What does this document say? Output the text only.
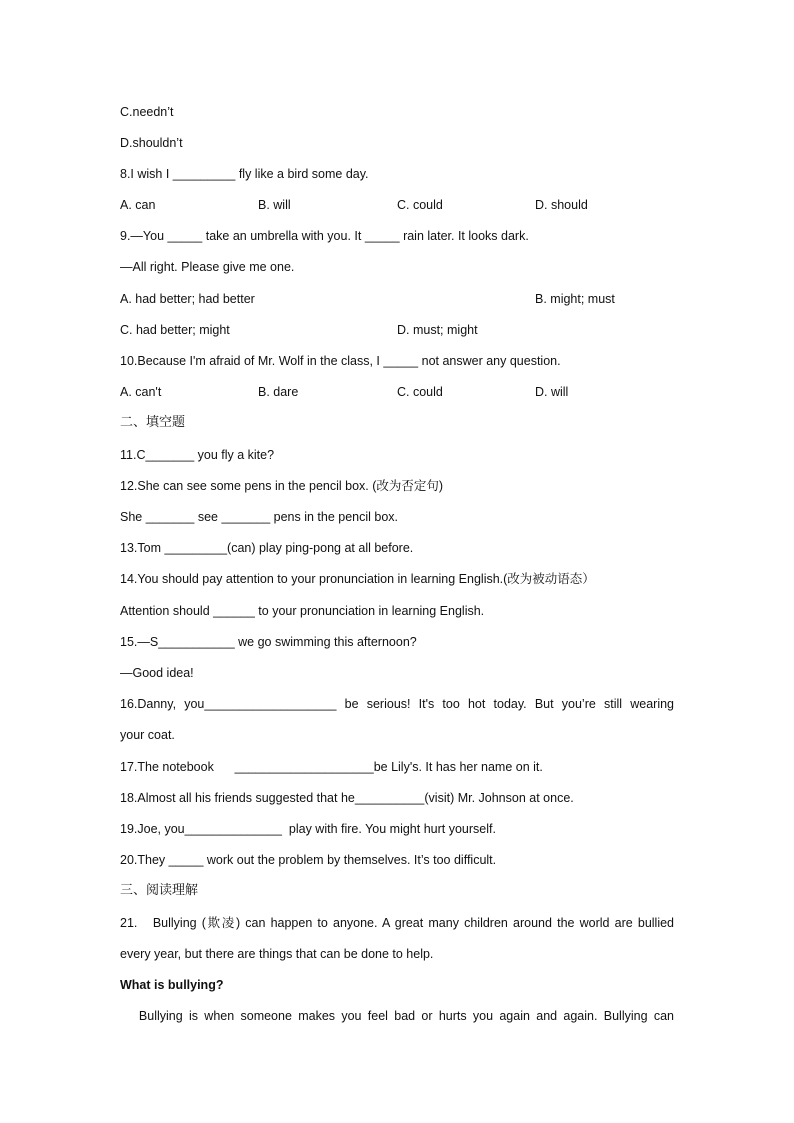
C.needn’t
D.shouldn’t
8.I wish I _________ fly like a bird some day.
A. can	B. will	C. could	D. should
9.—You _____ take an umbrella with you. It _____ rain later. It looks dark.
—All right. Please give me one.
A. had better; had better	B. might; must
C. had better; might	D. must; might
10.Because I'm afraid of Mr. Wolf in the class, I _____ not answer any question.
A. can't	B. dare	C. could	D. will
二、填空题
11.C_______ you fly a kite?
12.She can see some pens in the pencil box. (改为否定句)
She _______ see _______ pens in the pencil box.
13.Tom _________(can) play ping-pong at all before.
14.You should pay attention to your pronunciation in learning English.(改为被动语态）
Attention should ______ to your pronunciation in learning English.
15.—S___________ we go swimming this afternoon?
—Good idea!
16.Danny, you___________________ be serious! It's too hot today. But you’re still wearing
your coat.
17.The notebook      ____________________be Lily's. It has her name on it.
18.Almost all his friends suggested that he__________(visit) Mr. Johnson at once.
19.Joe, you______________  play with fire. You might hurt yourself.
20.They _____ work out the problem by themselves. It’s too difficult.
三、阅读理解
21.   Bullying (欺凌) can happen to anyone. A great many children around the world are bullied
every year, but there are things that can be done to help.
What is bullying?
Bullying is when someone makes you feel bad or hurts you again and again. Bullying can
